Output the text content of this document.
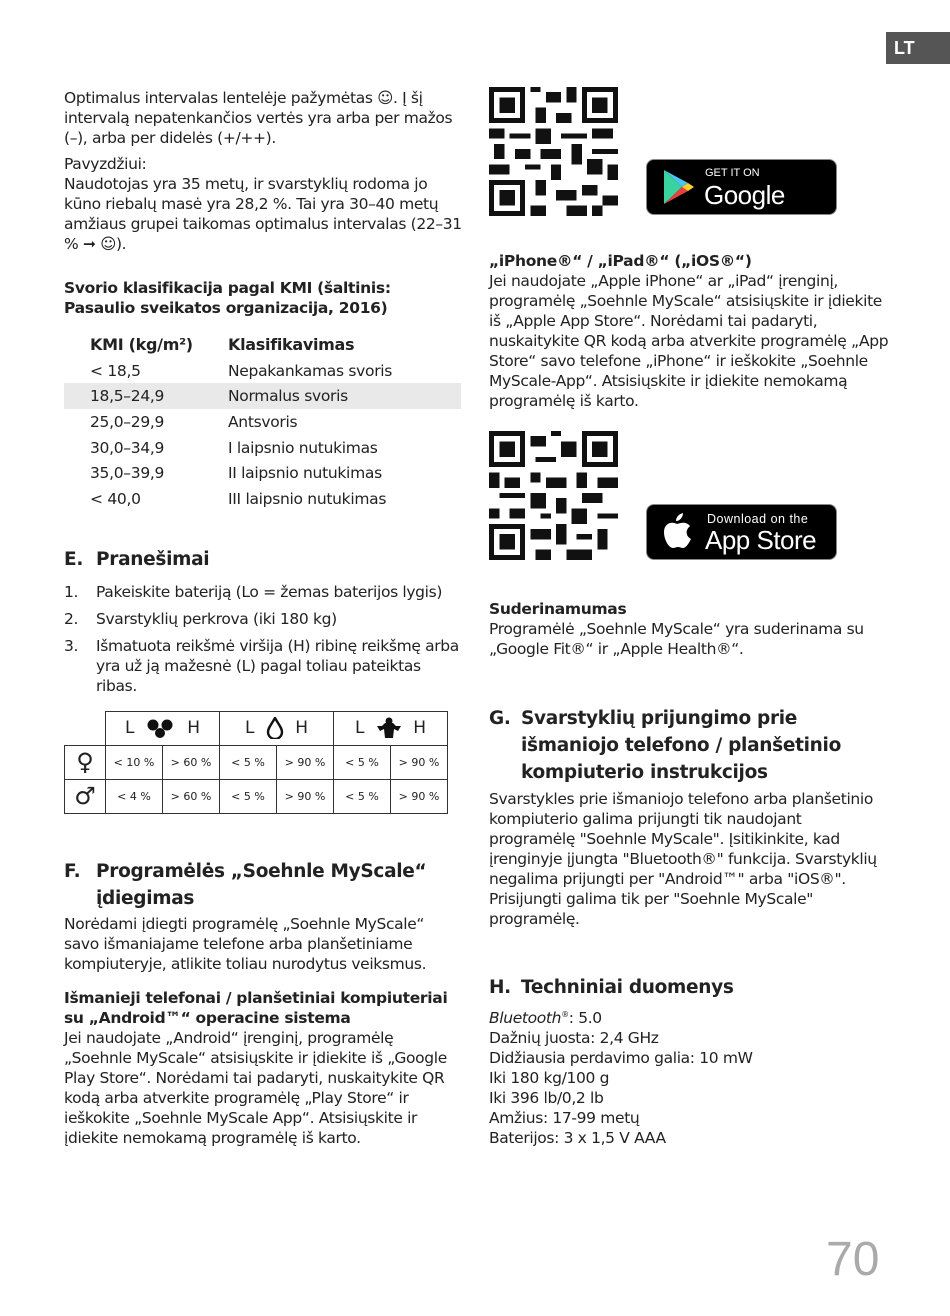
LT

Optimalus intervalas lentelėje pažymėtas ☺. Į šį intervalą nepatenkančios vertės yra arba per mažos (–), arba per didelės (+/++).

Pavyzdžiui:

Naudotojas yra 35 metų, ir svarstyklių rodoma jo kūno riebalų masė yra 28,2 %. Tai yra 30–40 metų amžiaus grupei taikomas optimalus intervalas (22–31 % ➞ ☺).

Svorio klasifikacija pagal KMI (šaltinis: Pasaulio sveikatos organizacija, 2016)
KMI (kg/m²)	Klasifikavimas
< 18,5	Nepakankamas svoris
18,5–24,9	Normalus svoris
25,0–29,9	Antsvoris
30,0–34,9	I laipsnio nutukimas
35,0–39,9	II laipsnio nutukimas
< 40,0	III laipsnio nutukimas
E. Pranešimai
1. Pakeiskite bateriją (Lo = žemas baterijos lygis)
2. Svarstyklių perkrova (iki 180 kg)
3. Išmatuota reikšmė viršija (H) ribinę reikšmę arba yra už ją mažesnė (L) pagal toliau pateiktas ribas.
	L H		L H		L H	
♀	< 10 %	> 60 %	< 5 %	> 90 %	< 5 %	> 90 %
♂	< 4 %	> 60 %	< 5 %	> 90 %	< 5 %	> 90 %
F. Programėlės „Soehnle MyScale“ įdiegimas

Norėdami įdiegti programėlę „Soehnle MyScale“ savo išmaniajame telefone arba planšetiniame kompiuteryje, atlikite toliau nurodytus veiksmus.

Išmanieji telefonai / planšetiniai kompiuteriai su „Android™“ operacine sistema

Jei naudojate „Android“ įrenginį, programėlę „Soehnle MyScale“ atsisiųskite ir įdiekite iš „Google Play Store“. Norėdami tai padaryti, nuskaitykite QR kodą arba atverkite programėlę „Play Store“ ir ieškokite „Soehnle MyScale App“. Atsisiųskite ir įdiekite nemokamą programėlę iš karto.

GET IT ON
Google Play
„iPhone®“ / „iPad®“ („iOS®“)

Jei naudojate „Apple iPhone“ ar „iPad“ įrenginį, programėlę „Soehnle MyScale“ atsisiųskite ir įdiekite iš „Apple App Store“. Norėdami tai padaryti, nuskaitykite QR kodą arba atverkite programėlę „App Store“ savo telefone „iPhone“ ir ieškokite „Soehnle MyScale-App“. Atsisiųskite ir įdiekite nemokamą programėlę iš karto.

Download on the
App Store
Suderinamumas

Programėlė „Soehnle MyScale“ yra suderinama su „Google Fit®“ ir „Apple Health®“.

G. Svarstyklių prijungimo prie išmaniojo telefono / planšetinio kompiuterio instrukcijos

Svarstykles prie išmaniojo telefono arba planšetinio kompiuterio galima prijungti tik naudojant programėlę "Soehnle MyScale". Įsitikinkite, kad įrenginyje įjungta "Bluetooth®" funkcija. Svarstyklių negalima prijungti per "Android™" arba "iOS®". Prisijungti galima tik per "Soehnle MyScale" programėlę.

H. Techniniai duomenys

Bluetooth®: 5.0

Dažnių juosta: 2,4 GHz

Didžiausia perdavimo galia: 10 mW

Iki 180 kg/100 g

Iki 396 lb/0,2 lb

Amžius: 17-99 metų

Baterijos: 3 x 1,5 V AAA

70
